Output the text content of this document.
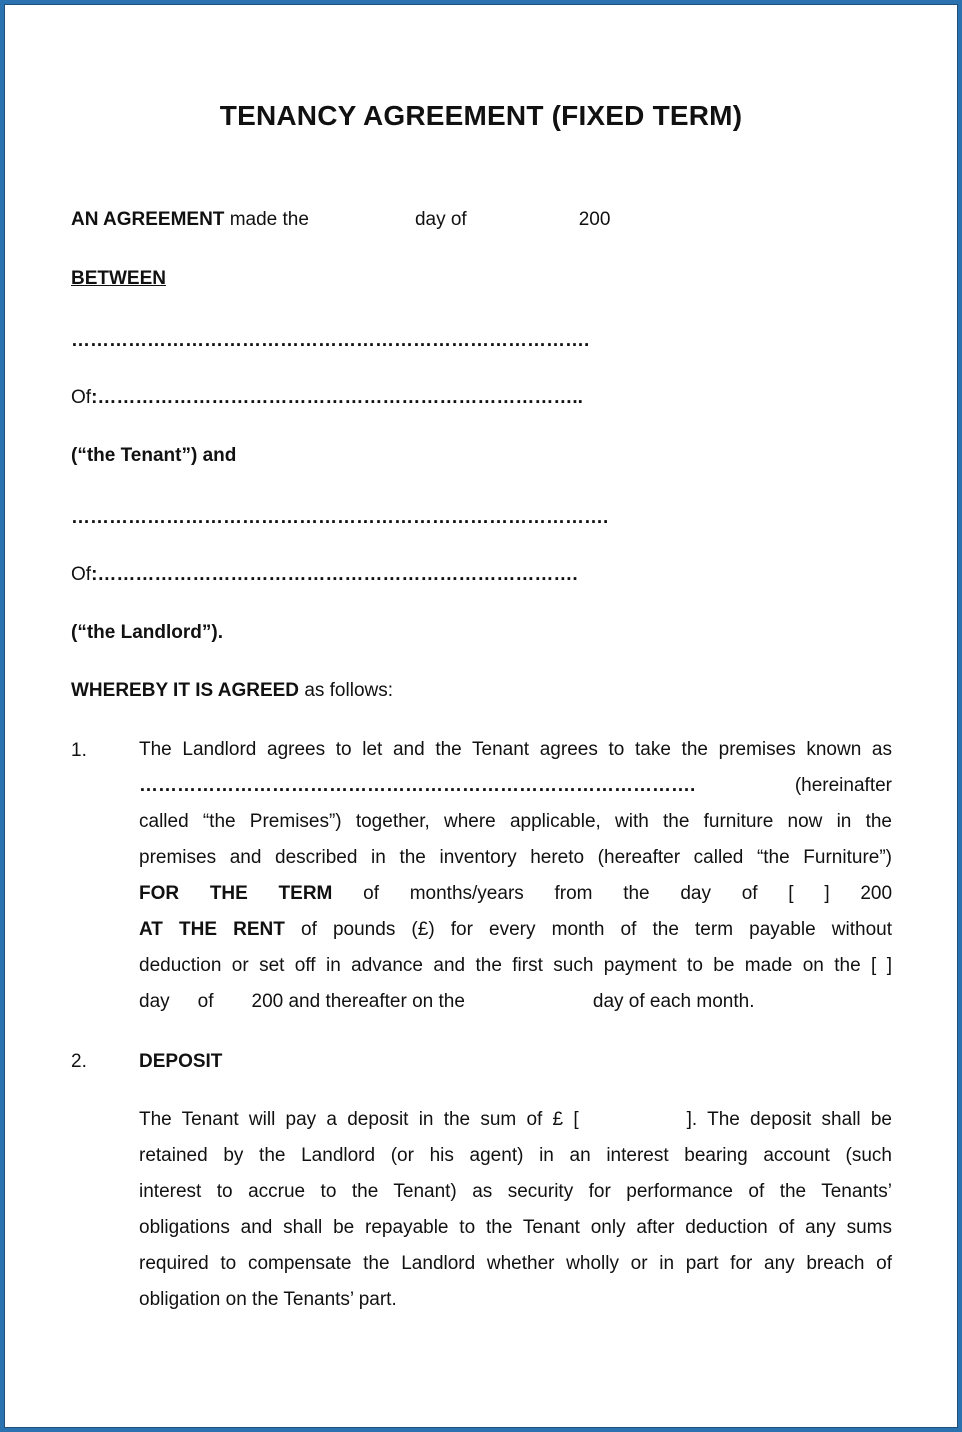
TENANCY AGREEMENT (FIXED TERM)
AN AGREEMENT made the	day of	200
BETWEEN
……………………………………………………………………….
Of:…………………………………………………………………..
(“the Tenant”) and
………………………………………………………………………….
Of:………………………………………………………………….
(“the Landlord”).
WHEREBY IT IS AGREED as follows:
1.	The Landlord agrees to let and the Tenant agrees to take the premises known as
…………………………………………………………………………….	(hereinafter
called “the Premises”) together, where applicable, with the furniture now in the
premises and described in the inventory hereto (hereafter called “the Furniture”)
FOR THE TERM of months/years from the day of [ ] 200
AT THE RENT of pounds (£) for every month of the term payable without
deduction or set off in advance and the first such payment to be made on the [ ]
day of 200 and thereafter on the	day of each month.
2.	DEPOSIT
The Tenant will pay a deposit in the sum of £ [	]. The deposit shall be
retained by the Landlord (or his agent) in an interest bearing account (such
interest to accrue to the Tenant) as security for performance of the Tenants’
obligations and shall be repayable to the Tenant only after deduction of any sums
required to compensate the Landlord whether wholly or in part for any breach of
obligation on the Tenants’ part.
